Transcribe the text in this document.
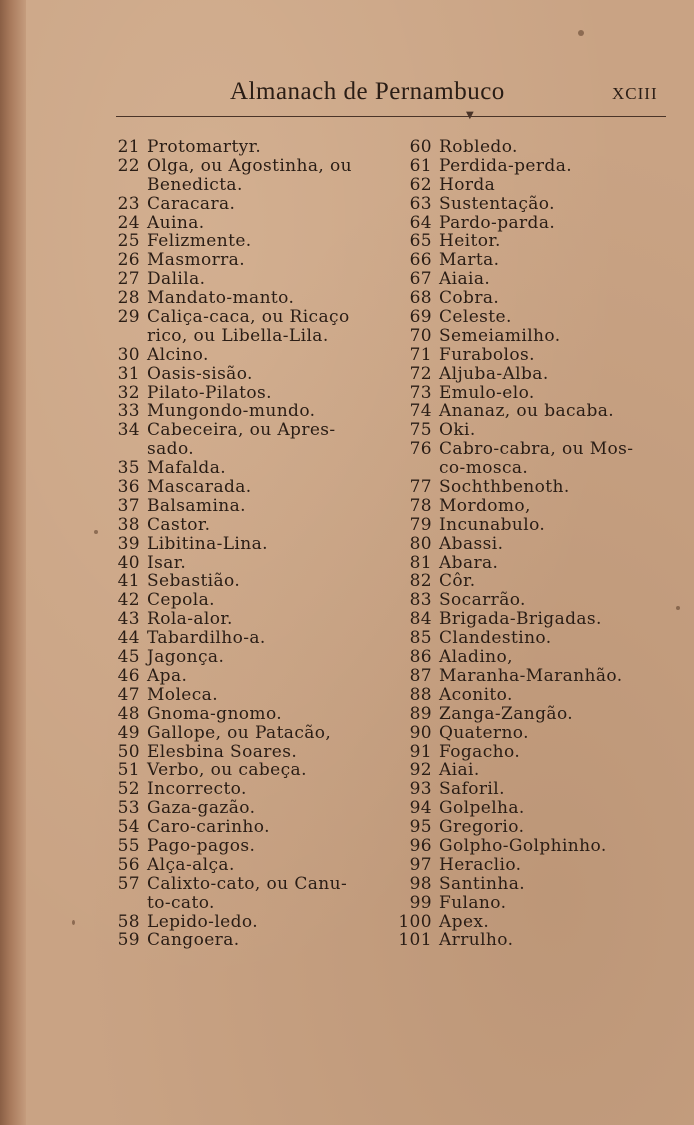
Almanach de Pernambuco	XCIII
▼
21 Protomartyr.
22 Olga, ou Agostinha, ou
Benedicta.
23 Caracara.
24 Auina.
25 Felizmente.
26 Masmorra.
27 Dalila.
28 Mandato-manto.
29 Caliça-caca, ou Ricaço
rico, ou Libella-Lila.
30 Alcino.
31 Oasis-sisão.
32 Pilato-Pilatos.
33 Mungondo-mundo.
34 Cabeceira, ou Apres-
sado.
35 Mafalda.
36 Mascarada.
37 Balsamina.
38 Castor.
39 Libitina-Lina.
40 Isar.
41 Sebastião.
42 Cepola.
43 Rola-alor.
44 Tabardilho-a.
45 Jagonça.
46 Apa.
47 Moleca.
48 Gnoma-gnomo.
49 Gallope, ou Patacão,
50 Elesbina Soares.
51 Verbo, ou cabeça.
52 Incorrecto.
53 Gaza-gazão.
54 Caro-carinho.
55 Pago-pagos.
56 Alça-alça.
57 Calixto-cato, ou Canu-
to-cato.
58 Lepido-ledo.
59 Cangoera.
60 Robledo.
61 Perdida-perda.
62 Horda
63 Sustentação.
64 Pardo-parda.
65 Heitor.
66 Marta.
67 Aiaia.
68 Cobra.
69 Celeste.
70 Semeiamilho.
71 Furabolos.
72 Aljuba-Alba.
73 Emulo-elo.
74 Ananaz, ou bacaba.
75 Oki.
76 Cabro-cabra, ou Mos-
co-mosca.
77 Sochthbenoth.
78 Mordomo,
79 Incunabulo.
80 Abassi.
81 Abara.
82 Côr.
83 Socarrão.
84 Brigada-Brigadas.
85 Clandestino.
86 Aladino,
87 Maranha-Maranhão.
88 Aconito.
89 Zanga-Zangão.
90 Quaterno.
91 Fogacho.
92 Aiai.
93 Saforil.
94 Golpelha.
95 Gregorio.
96 Golpho-Golphinho.
97 Heraclio.
98 Santinha.
99 Fulano.
100 Apex.
101 Arrulho.
